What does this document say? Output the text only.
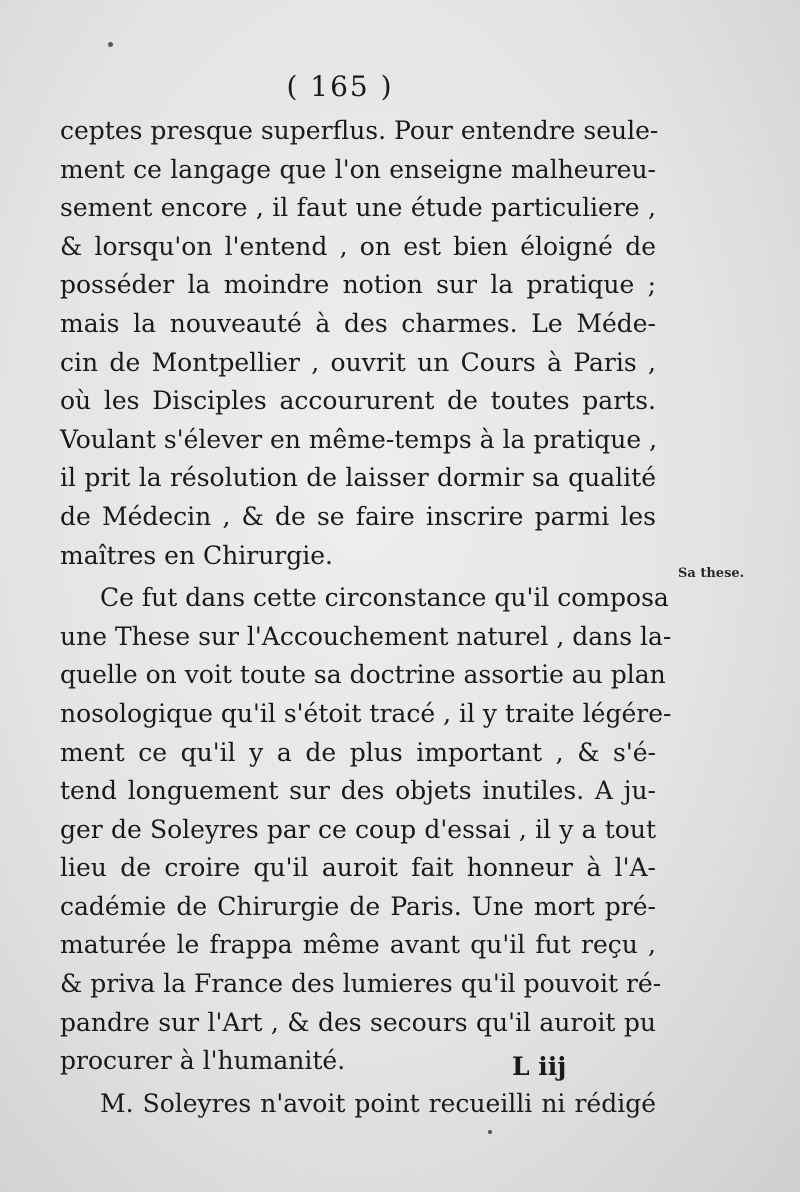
( 165 )
ceptes presque superflus. Pour entendre seule-
ment ce langage que l'on enseigne malheureu-
sement encore , il faut une étude particuliere ,
& lorsqu'on l'entend , on est bien éloigné de
posséder la moindre notion sur la pratique ;
mais la nouveauté à des charmes. Le Méde-
cin de Montpellier , ouvrit un Cours à Paris ,
où les Disciples accoururent de toutes parts.
Voulant s'élever en même-temps à la pratique ,
il prit la résolution de laisser dormir sa qualité
de Médecin , & de se faire inscrire parmi les
maîtres en Chirurgie.
Ce fut dans cette circonstance qu'il composa
une These sur l'Accouchement naturel , dans la-
quelle on voit toute sa doctrine assortie au plan
nosologique qu'il s'étoit tracé , il y traite légére-
ment ce qu'il y a de plus important , & s'é-
tend longuement sur des objets inutiles. A ju-
ger de Soleyres par ce coup d'essai , il y a tout
lieu de croire qu'il auroit fait honneur à l'A-
cadémie de Chirurgie de Paris. Une mort pré-
maturée le frappa même avant qu'il fut reçu ,
& priva la France des lumieres qu'il pouvoit ré-
pandre sur l'Art , & des secours qu'il auroit pu
procurer à l'humanité.
M. Soleyres n'avoit point recueilli ni rédigé
Sa these.
L iij
